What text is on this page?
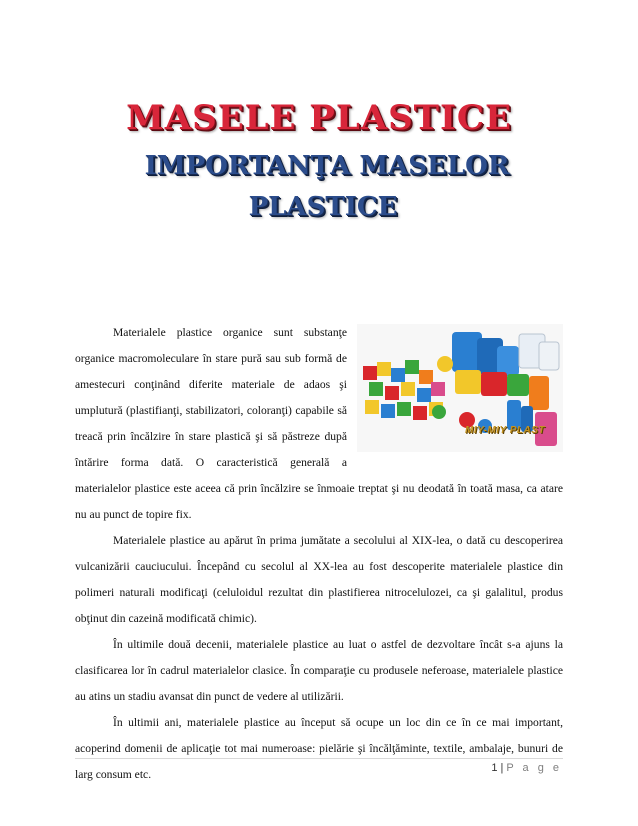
MASELE PLASTICE
IMPORTANŢA MASELOR
PLASTICE

MIY-MIY PLAST
Materialele plastice organice sunt substanţe organice macromoleculare în stare pură sau sub formă de amestecuri conţinând diferite materiale de adaos şi umplutură (plastifianţi, stabilizatori, coloranţi) capabile să treacă prin încălzire în stare plastică şi să păstreze după întărire forma dată. O caracteristică generală a materialelor plastice este aceea că prin încălzire se înmoaie treptat şi nu deodată în toată masa, ca atare nu au punct de topire fix.

Materialele plastice au apărut în prima jumătate a secolului al XIX-lea, o dată cu descoperirea vulcanizării cauciucului. Începând cu secolul al XX-lea au fost descoperite materialele plastice din polimeri naturali modificaţi (celuloidul rezultat din plastifierea nitrocelulozei, ca şi galalitul, produs obţinut din cazeină modificată chimic).

În ultimile două decenii, materialele plastice au luat o astfel de dezvoltare încât s-a ajuns la clasificarea lor în cadrul materialelor clasice. În comparaţie cu produsele neferoase, materialele plastice au atins un stadiu avansat din punct de vedere al utilizării.

În ultimii ani, materialele plastice au început să ocupe un loc din ce în ce mai important, acoperind domenii de aplicaţie tot mai numeroase: pielărie şi încălţăminte, textile, ambalaje, bunuri de larg consum etc.	1 | P a g e
